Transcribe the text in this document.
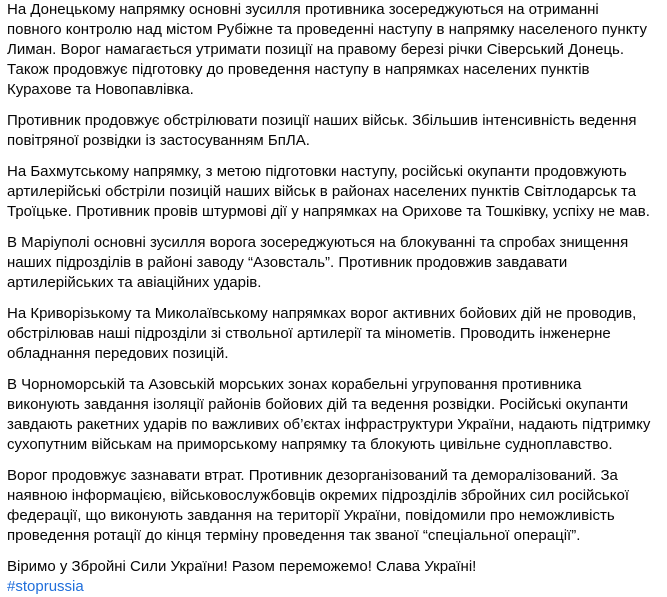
На Донецькому напрямку основні зусилля противника зосереджуються на отриманні
повного контролю над містом Рубіжне та проведенні наступу в напрямку населеного пункту
Лиман. Ворог намагається утримати позиції на правому березі річки Сіверський Донець.
Також продовжує підготовку до проведення наступу в напрямках населених пунктів
Курахове та Новопавлівка.

Противник продовжує обстрілювати позиції наших військ. Збільшив інтенсивність ведення
повітряної розвідки із застосуванням БпЛА.

На Бахмутському напрямку, з метою підготовки наступу, російські окупанти продовжують
артилерійські обстріли позицій наших військ в районах населених пунктів Світлодарськ та
Троїцьке. Противник провів штурмові дії у напрямках на Орихове та Тошківку, успіху не мав.

В Маріуполі основні зусилля ворога зосереджуються на блокуванні та спробах знищення
наших підрозділів в районі заводу “Азовсталь”. Противник продовжив завдавати
артилерійських та авіаційних ударів.

На Криворізькому та Миколаївському напрямках ворог активних бойових дій не проводив,
обстрілював наші підрозділи зі ствольної артилерії та мінометів. Проводить інженерне
обладнання передових позицій.

В Чорноморській та Азовській морських зонах корабельні угруповання противника
виконують завдання ізоляції районів бойових дій та ведення розвідки. Російські окупанти
завдають ракетних ударів по важливих об’єктах інфраструктури України, надають підтримку
сухопутним військам на приморському напрямку та блокують цивільне судноплавство.

Ворог продовжує зазнавати втрат. Противник дезорганізований та деморалізований. За
наявною інформацією, військовослужбовців окремих підрозділів збройних сил російської
федерації, що виконують завдання на території України, повідомили про неможливість
проведення ротації до кінця терміну проведення так званої “спеціальної операції”.

Віримо у Збройні Сили України! Разом переможемо! Слава Україні!

#stoprussia
